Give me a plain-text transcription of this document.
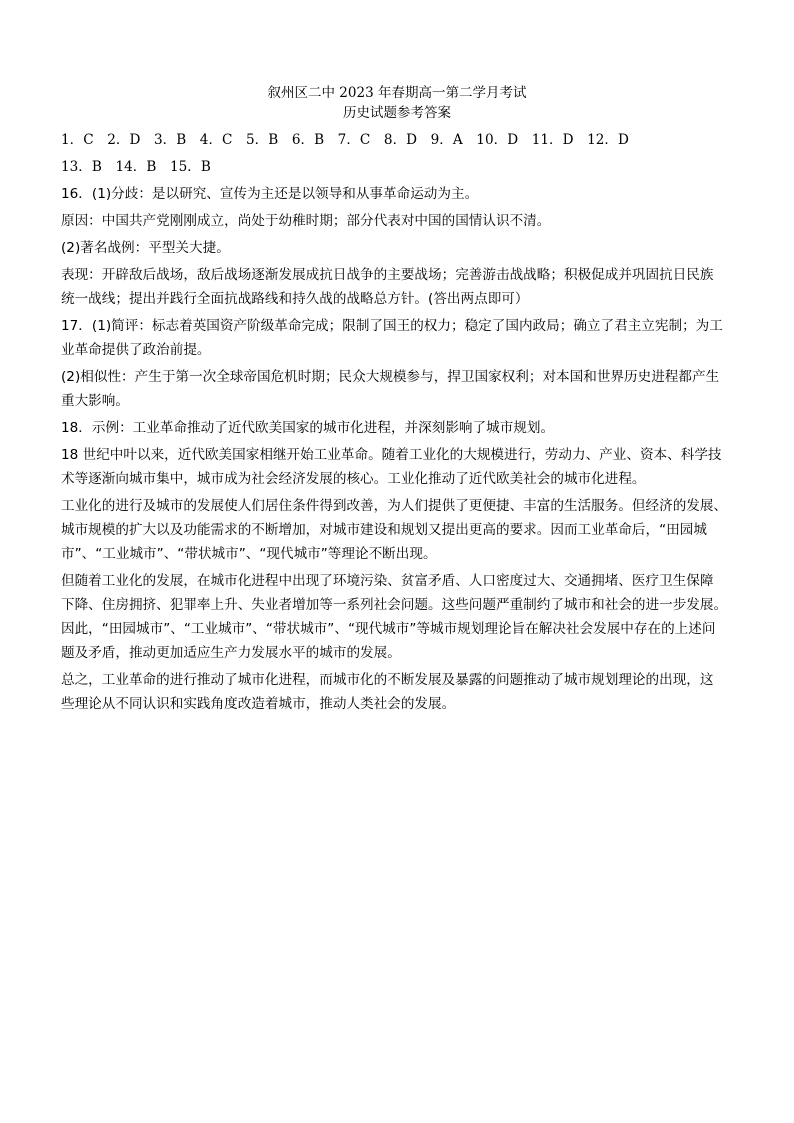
叙州区二中 2023 年春期高一第二学月考试
历史试题参考答案
1．C　2．D　3．B　4．C　5．B　6．B　7．C　8．D　9．A　10．D　11．D　12．D
13．B　14．B　15．B
16．(1)分歧：是以研究、宣传为主还是以领导和从事革命运动为主。
原因：中国共产党刚刚成立，尚处于幼稚时期；部分代表对中国的国情认识不清。
(2)著名战例：平型关大捷。
表现：开辟敌后战场，敌后战场逐渐发展成抗日战争的主要战场；完善游击战战略；积极促成并巩固抗日民族
统一战线；提出并践行全面抗战路线和持久战的战略总方针。(答出两点即可）
17．(1)简评：标志着英国资产阶级革命完成；限制了国王的权力；稳定了国内政局；确立了君主立宪制；为工
业革命提供了政治前提。
(2)相似性：产生于第一次全球帝国危机时期；民众大规模参与，捍卫国家权利；对本国和世界历史进程都产生
重大影响。
18．示例：工业革命推动了近代欧美国家的城市化进程，并深刻影响了城市规划。
18 世纪中叶以来，近代欧美国家相继开始工业革命。随着工业化的大规模进行，劳动力、产业、资本、科学技
术等逐渐向城市集中，城市成为社会经济发展的核心。工业化推动了近代欧美社会的城市化进程。
工业化的进行及城市的发展使人们居住条件得到改善，为人们提供了更便捷、丰富的生活服务。但经济的发展、
城市规模的扩大以及功能需求的不断增加，对城市建设和规划又提出更高的要求。因而工业革命后，“田园城
市”、“工业城市”、“带状城市”、“现代城市”等理论不断出现。
但随着工业化的发展，在城市化进程中出现了环境污染、贫富矛盾、人口密度过大、交通拥堵、医疗卫生保障
下降、住房拥挤、犯罪率上升、失业者增加等一系列社会问题。这些问题严重制约了城市和社会的进一步发展。
因此，“田园城市”、“工业城市”、“带状城市”、“现代城市”等城市规划理论旨在解决社会发展中存在的上述问
题及矛盾，推动更加适应生产力发展水平的城市的发展。
总之，工业革命的进行推动了城市化进程，而城市化的不断发展及暴露的问题推动了城市规划理论的出现，这
些理论从不同认识和实践角度改造着城市，推动人类社会的发展。
